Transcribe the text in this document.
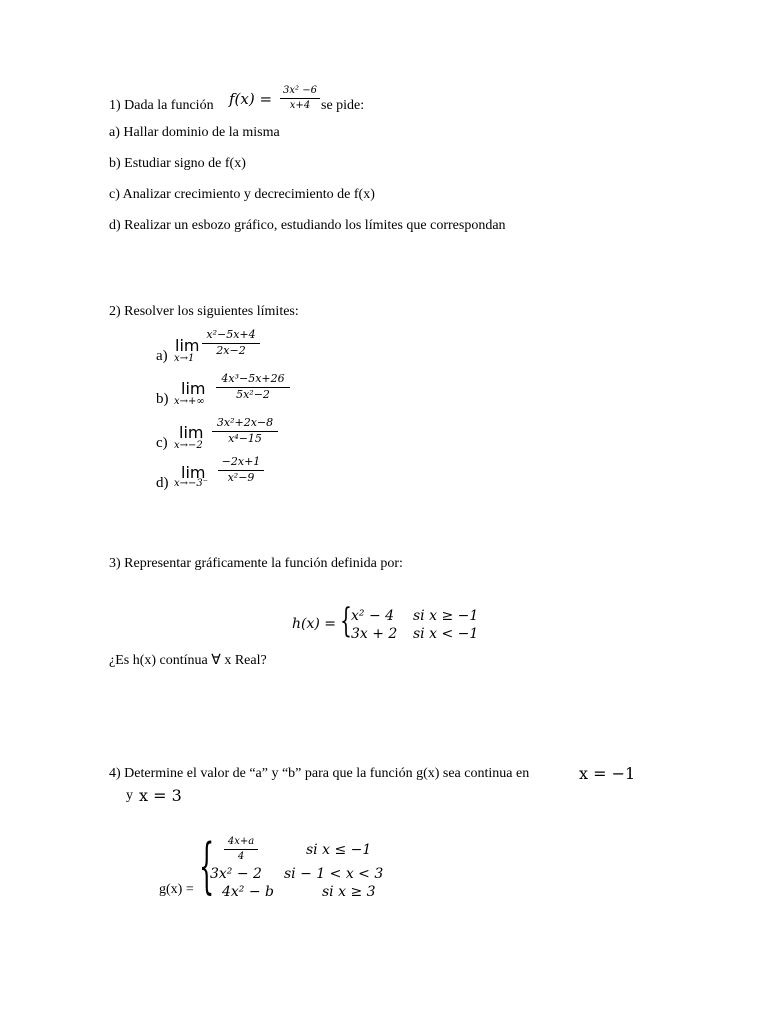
1) Dada la función f(x) =	3x² −6
x+4 se pide:
a) Hallar dominio de la misma
b) Estudiar signo de f(x)
c) Analizar crecimiento y decrecimiento de f(x)
d) Realizar un esbozo gráfico, estudiando los límites que correspondan
2) Resolver los siguientes límites:
a)
lim
x→1
x²−5x+4
2x−2
b)
lim
x→+∞
4x³−5x+26
5x²−2
c)
lim
x→−2
3x²+2x−8
x⁴−15
d)
lim
x→−3⁻
−2x+1
x²−9
3) Representar gráficamente la función definida por:
h(x) = { x² − 4 si x ≥ −1
3x + 2 si x < −1
¿Es h(x) contínua ∀ x Real?
4) Determine el valor de “a” y “b” para que la función g(x) sea continua en	x = −1
y x = 3
g(x) = {	4x+a
4	si x ≤ −1
3x² − 2 si − 1 < x < 3
4x² − b	si x ≥ 3
